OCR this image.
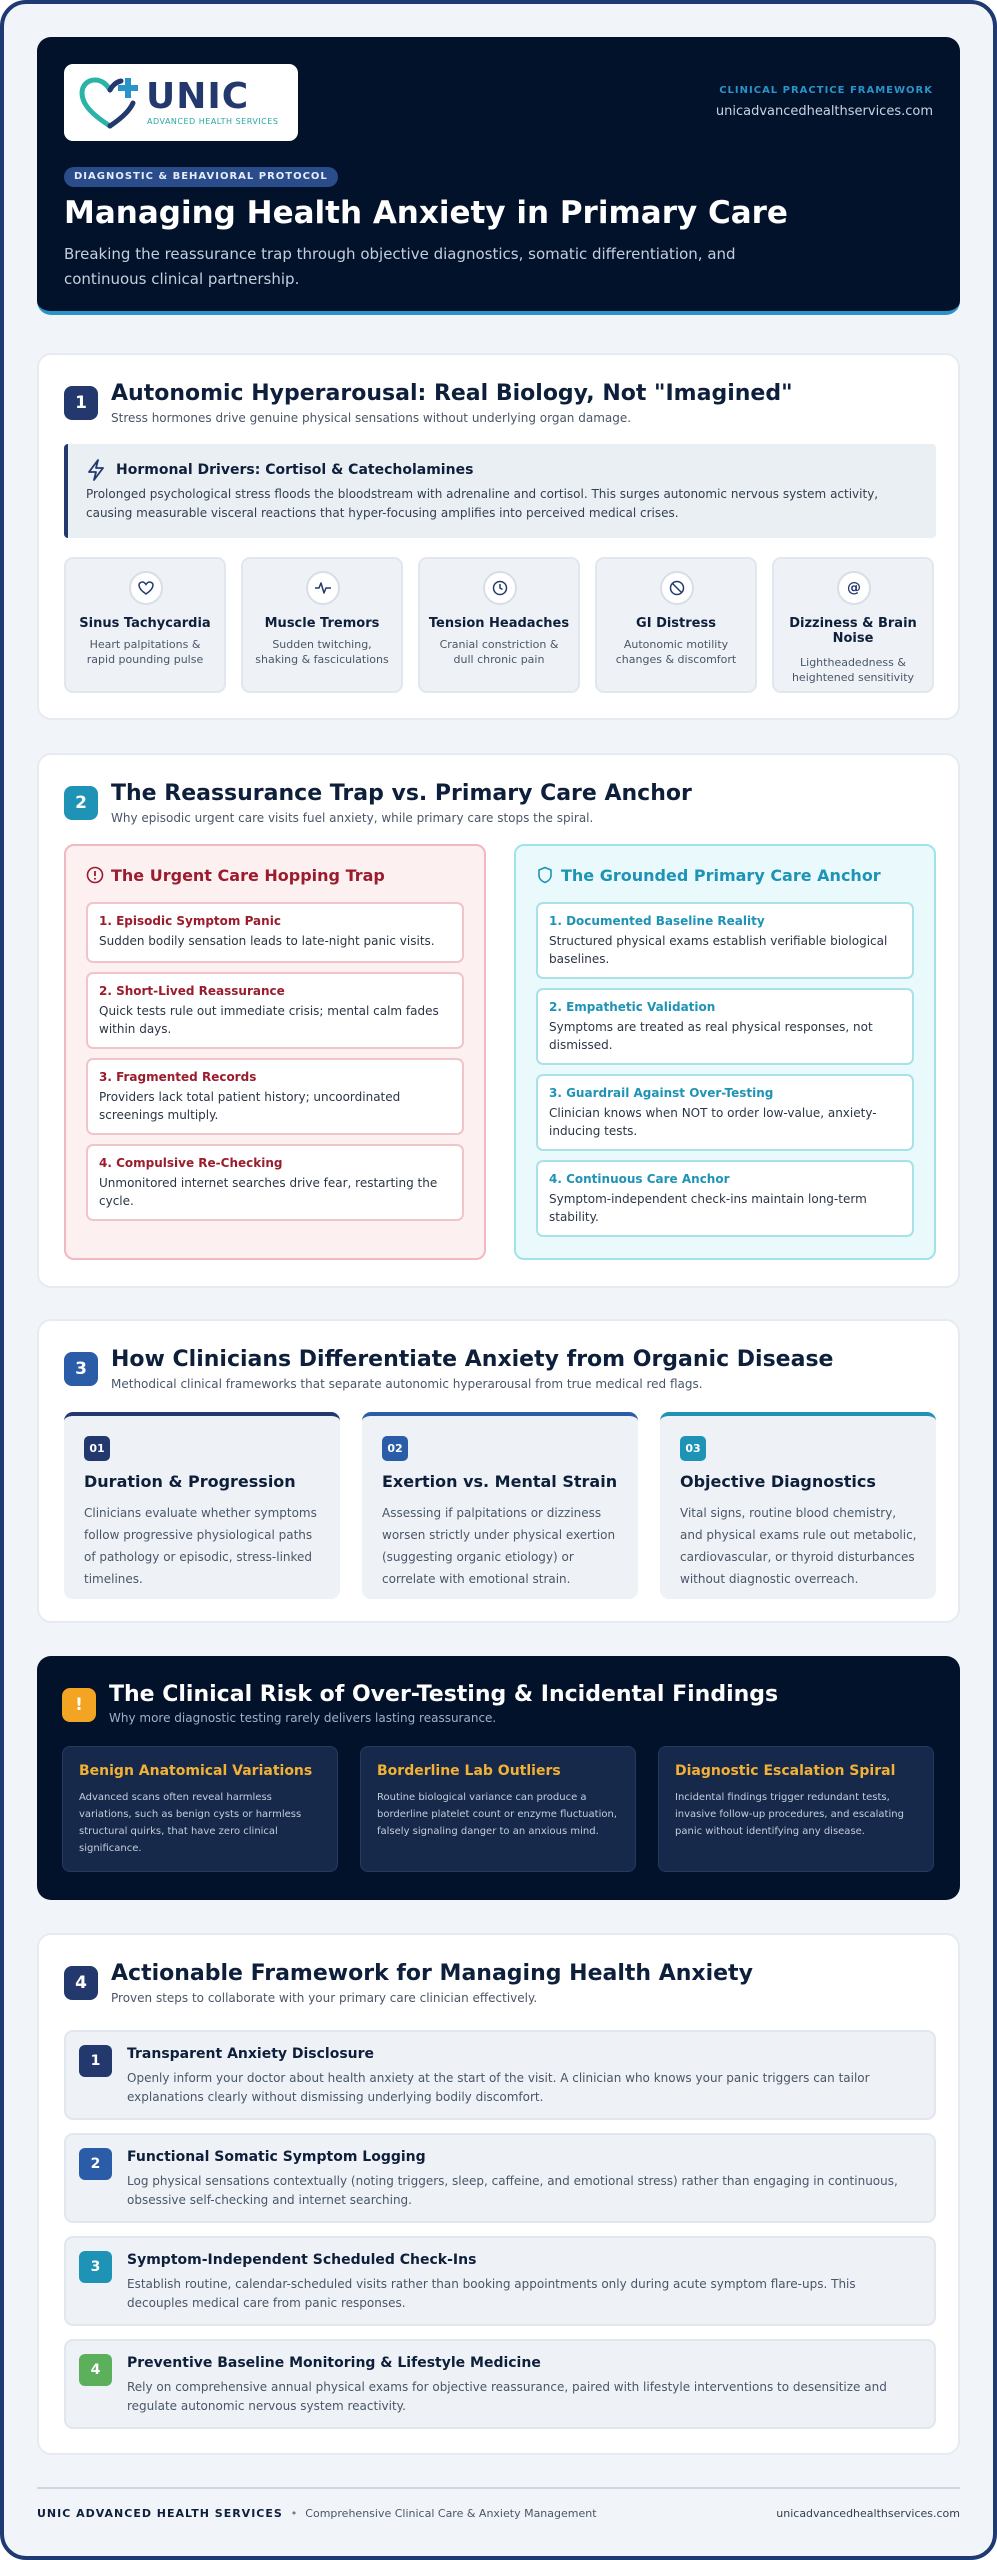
UNIC
ADVANCED HEALTH SERVICES
CLINICAL PRACTICE FRAMEWORK
unicadvancedhealthservices.com
DIAGNOSTIC & BEHAVIORAL PROTOCOL
Managing Health Anxiety in Primary Care
Breaking the reassurance trap through objective diagnostics, somatic differentiation, and continuous clinical partnership.
1	Autonomic Hyperarousal: Real Biology, Not "Imagined"
Stress hormones drive genuine physical sensations without underlying organ damage.
Hormonal Drivers: Cortisol & Catecholamines
Prolonged psychological stress floods the bloodstream with adrenaline and cortisol. This surges autonomic nervous system activity, causing measurable visceral reactions that hyper-focusing amplifies into perceived medical crises.
Sinus Tachycardia
Heart palpitations & rapid pounding pulse
Muscle Tremors
Sudden twitching, shaking & fasciculations
Tension Headaches
Cranial constriction & dull chronic pain
GI Distress
Autonomic motility changes & discomfort
@
Dizziness & Brain Noise
Lightheadedness & heightened sensitivity
2	The Reassurance Trap vs. Primary Care Anchor
Why episodic urgent care visits fuel anxiety, while primary care stops the spiral.
The Urgent Care Hopping Trap
1. Episodic Symptom Panic
Sudden bodily sensation leads to late-night panic visits.
2. Short-Lived Reassurance
Quick tests rule out immediate crisis; mental calm fades within days.
3. Fragmented Records
Providers lack total patient history; uncoordinated screenings multiply.
4. Compulsive Re-Checking
Unmonitored internet searches drive fear, restarting the cycle.
The Grounded Primary Care Anchor
1. Documented Baseline Reality
Structured physical exams establish verifiable biological baselines.
2. Empathetic Validation
Symptoms are treated as real physical responses, not dismissed.
3. Guardrail Against Over-Testing
Clinician knows when NOT to order low-value, anxiety-inducing tests.
4. Continuous Care Anchor
Symptom-independent check-ins maintain long-term stability.
3	How Clinicians Differentiate Anxiety from Organic Disease
Methodical clinical frameworks that separate autonomic hyperarousal from true medical red flags.
01
Duration & Progression
Clinicians evaluate whether symptoms follow progressive physiological paths of pathology or episodic, stress-linked timelines.
02
Exertion vs. Mental Strain
Assessing if palpitations or dizziness worsen strictly under physical exertion (suggesting organic etiology) or correlate with emotional strain.
03
Objective Diagnostics
Vital signs, routine blood chemistry, and physical exams rule out metabolic, cardiovascular, or thyroid disturbances without diagnostic overreach.
!	The Clinical Risk of Over-Testing & Incidental Findings
Why more diagnostic testing rarely delivers lasting reassurance.
Benign Anatomical Variations
Advanced scans often reveal harmless variations, such as benign cysts or harmless structural quirks, that have zero clinical significance.
Borderline Lab Outliers
Routine biological variance can produce a borderline platelet count or enzyme fluctuation, falsely signaling danger to an anxious mind.
Diagnostic Escalation Spiral
Incidental findings trigger redundant tests, invasive follow-up procedures, and escalating panic without identifying any disease.
4	Actionable Framework for Managing Health Anxiety
Proven steps to collaborate with your primary care clinician effectively.
1	Transparent Anxiety Disclosure
Openly inform your doctor about health anxiety at the start of the visit. A clinician who knows your panic triggers can tailor explanations clearly without dismissing underlying bodily discomfort.
2	Functional Somatic Symptom Logging
Log physical sensations contextually (noting triggers, sleep, caffeine, and emotional stress) rather than engaging in continuous, obsessive self-checking and internet searching.
3	Symptom-Independent Scheduled Check-Ins
Establish routine, calendar-scheduled visits rather than booking appointments only during acute symptom flare-ups. This decouples medical care from panic responses.
4	Preventive Baseline Monitoring & Lifestyle Medicine
Rely on comprehensive annual physical exams for objective reassurance, paired with lifestyle interventions to desensitize and regulate autonomic nervous system reactivity.
UNIC ADVANCED HEALTH SERVICES • Comprehensive Clinical Care & Anxiety Management	unicadvancedhealthservices.com
